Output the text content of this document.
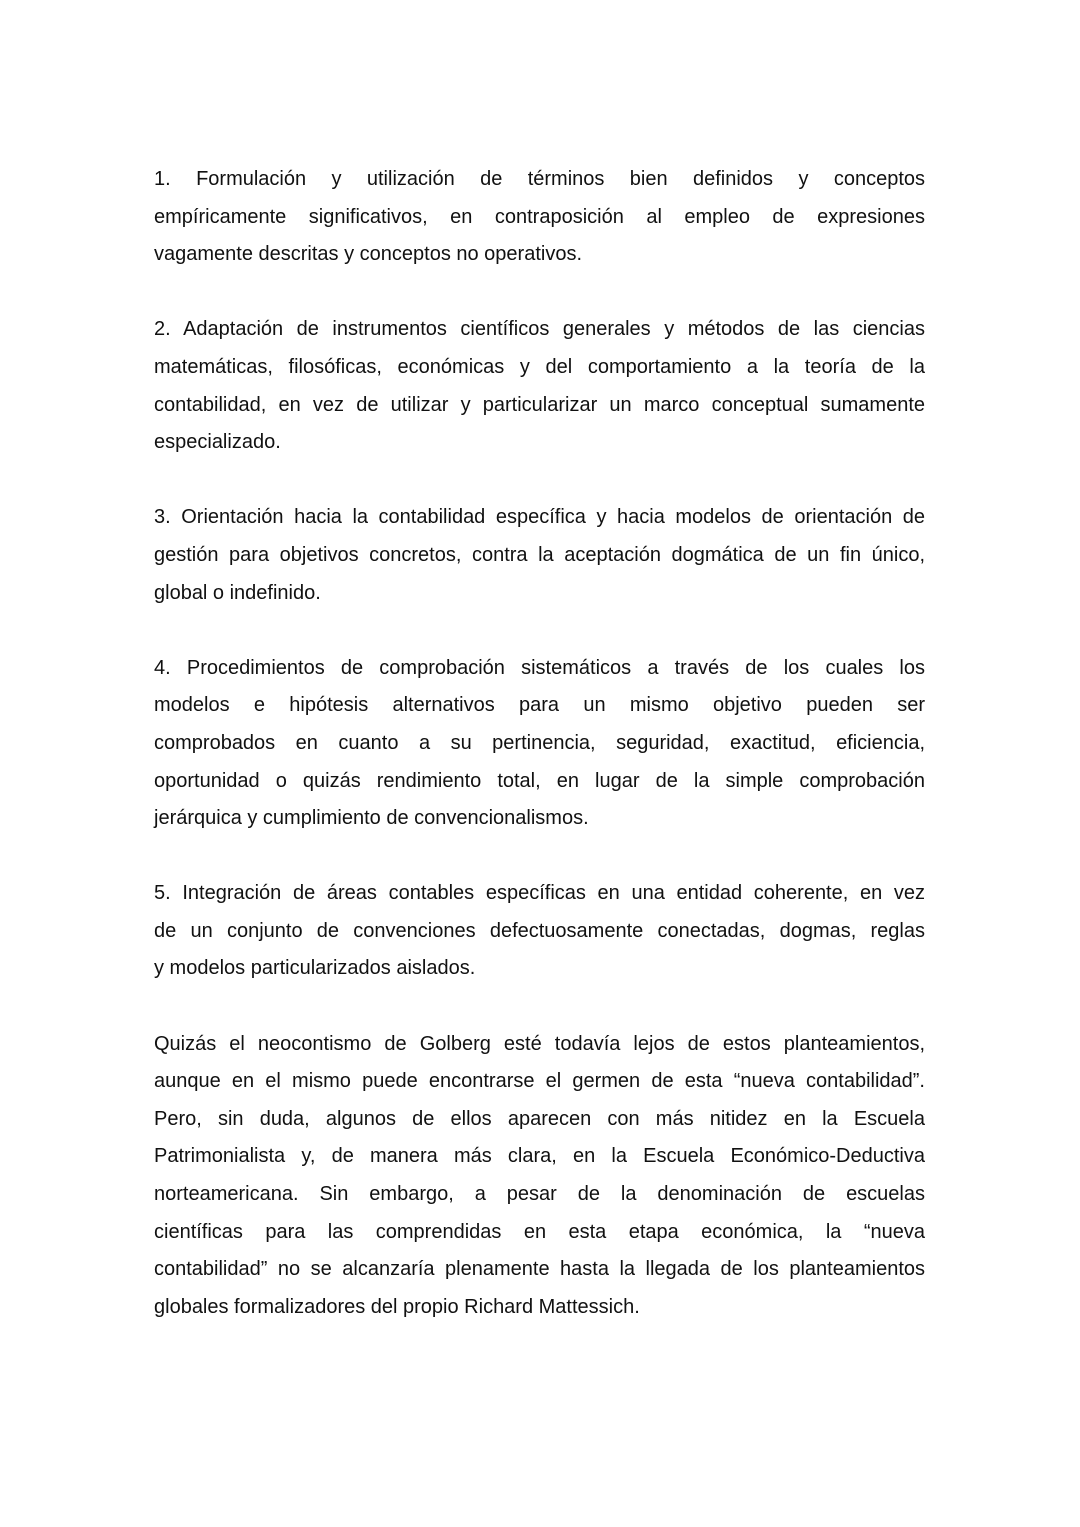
1. Formulación y utilización de términos bien definidos y conceptos
empíricamente significativos, en contraposición al empleo de expresiones
vagamente descritas y conceptos no operativos.

2. Adaptación de instrumentos científicos generales y métodos de las ciencias
matemáticas, filosóficas, económicas y del comportamiento a la teoría de la
contabilidad, en vez de utilizar y particularizar un marco conceptual sumamente
especializado.

3. Orientación hacia la contabilidad específica y hacia modelos de orientación de
gestión para objetivos concretos, contra la aceptación dogmática de un fin único,
global o indefinido.

4. Procedimientos de comprobación sistemáticos a través de los cuales los
modelos e hipótesis alternativos para un mismo objetivo pueden ser
comprobados en cuanto a su pertinencia, seguridad, exactitud, eficiencia,
oportunidad o quizás rendimiento total, en lugar de la simple comprobación
jerárquica y cumplimiento de convencionalismos.

5. Integración de áreas contables específicas en una entidad coherente, en vez
de un conjunto de convenciones defectuosamente conectadas, dogmas, reglas
y modelos particularizados aislados.

Quizás el neocontismo de Golberg esté todavía lejos de estos planteamientos,
aunque en el mismo puede encontrarse el germen de esta “nueva contabilidad”.
Pero, sin duda, algunos de ellos aparecen con más nitidez en la Escuela
Patrimonialista y, de manera más clara, en la Escuela Económico-Deductiva
norteamericana. Sin embargo, a pesar de la denominación de escuelas
científicas para las comprendidas en esta etapa económica, la “nueva
contabilidad” no se alcanzaría plenamente hasta la llegada de los planteamientos
globales formalizadores del propio Richard Mattessich.
